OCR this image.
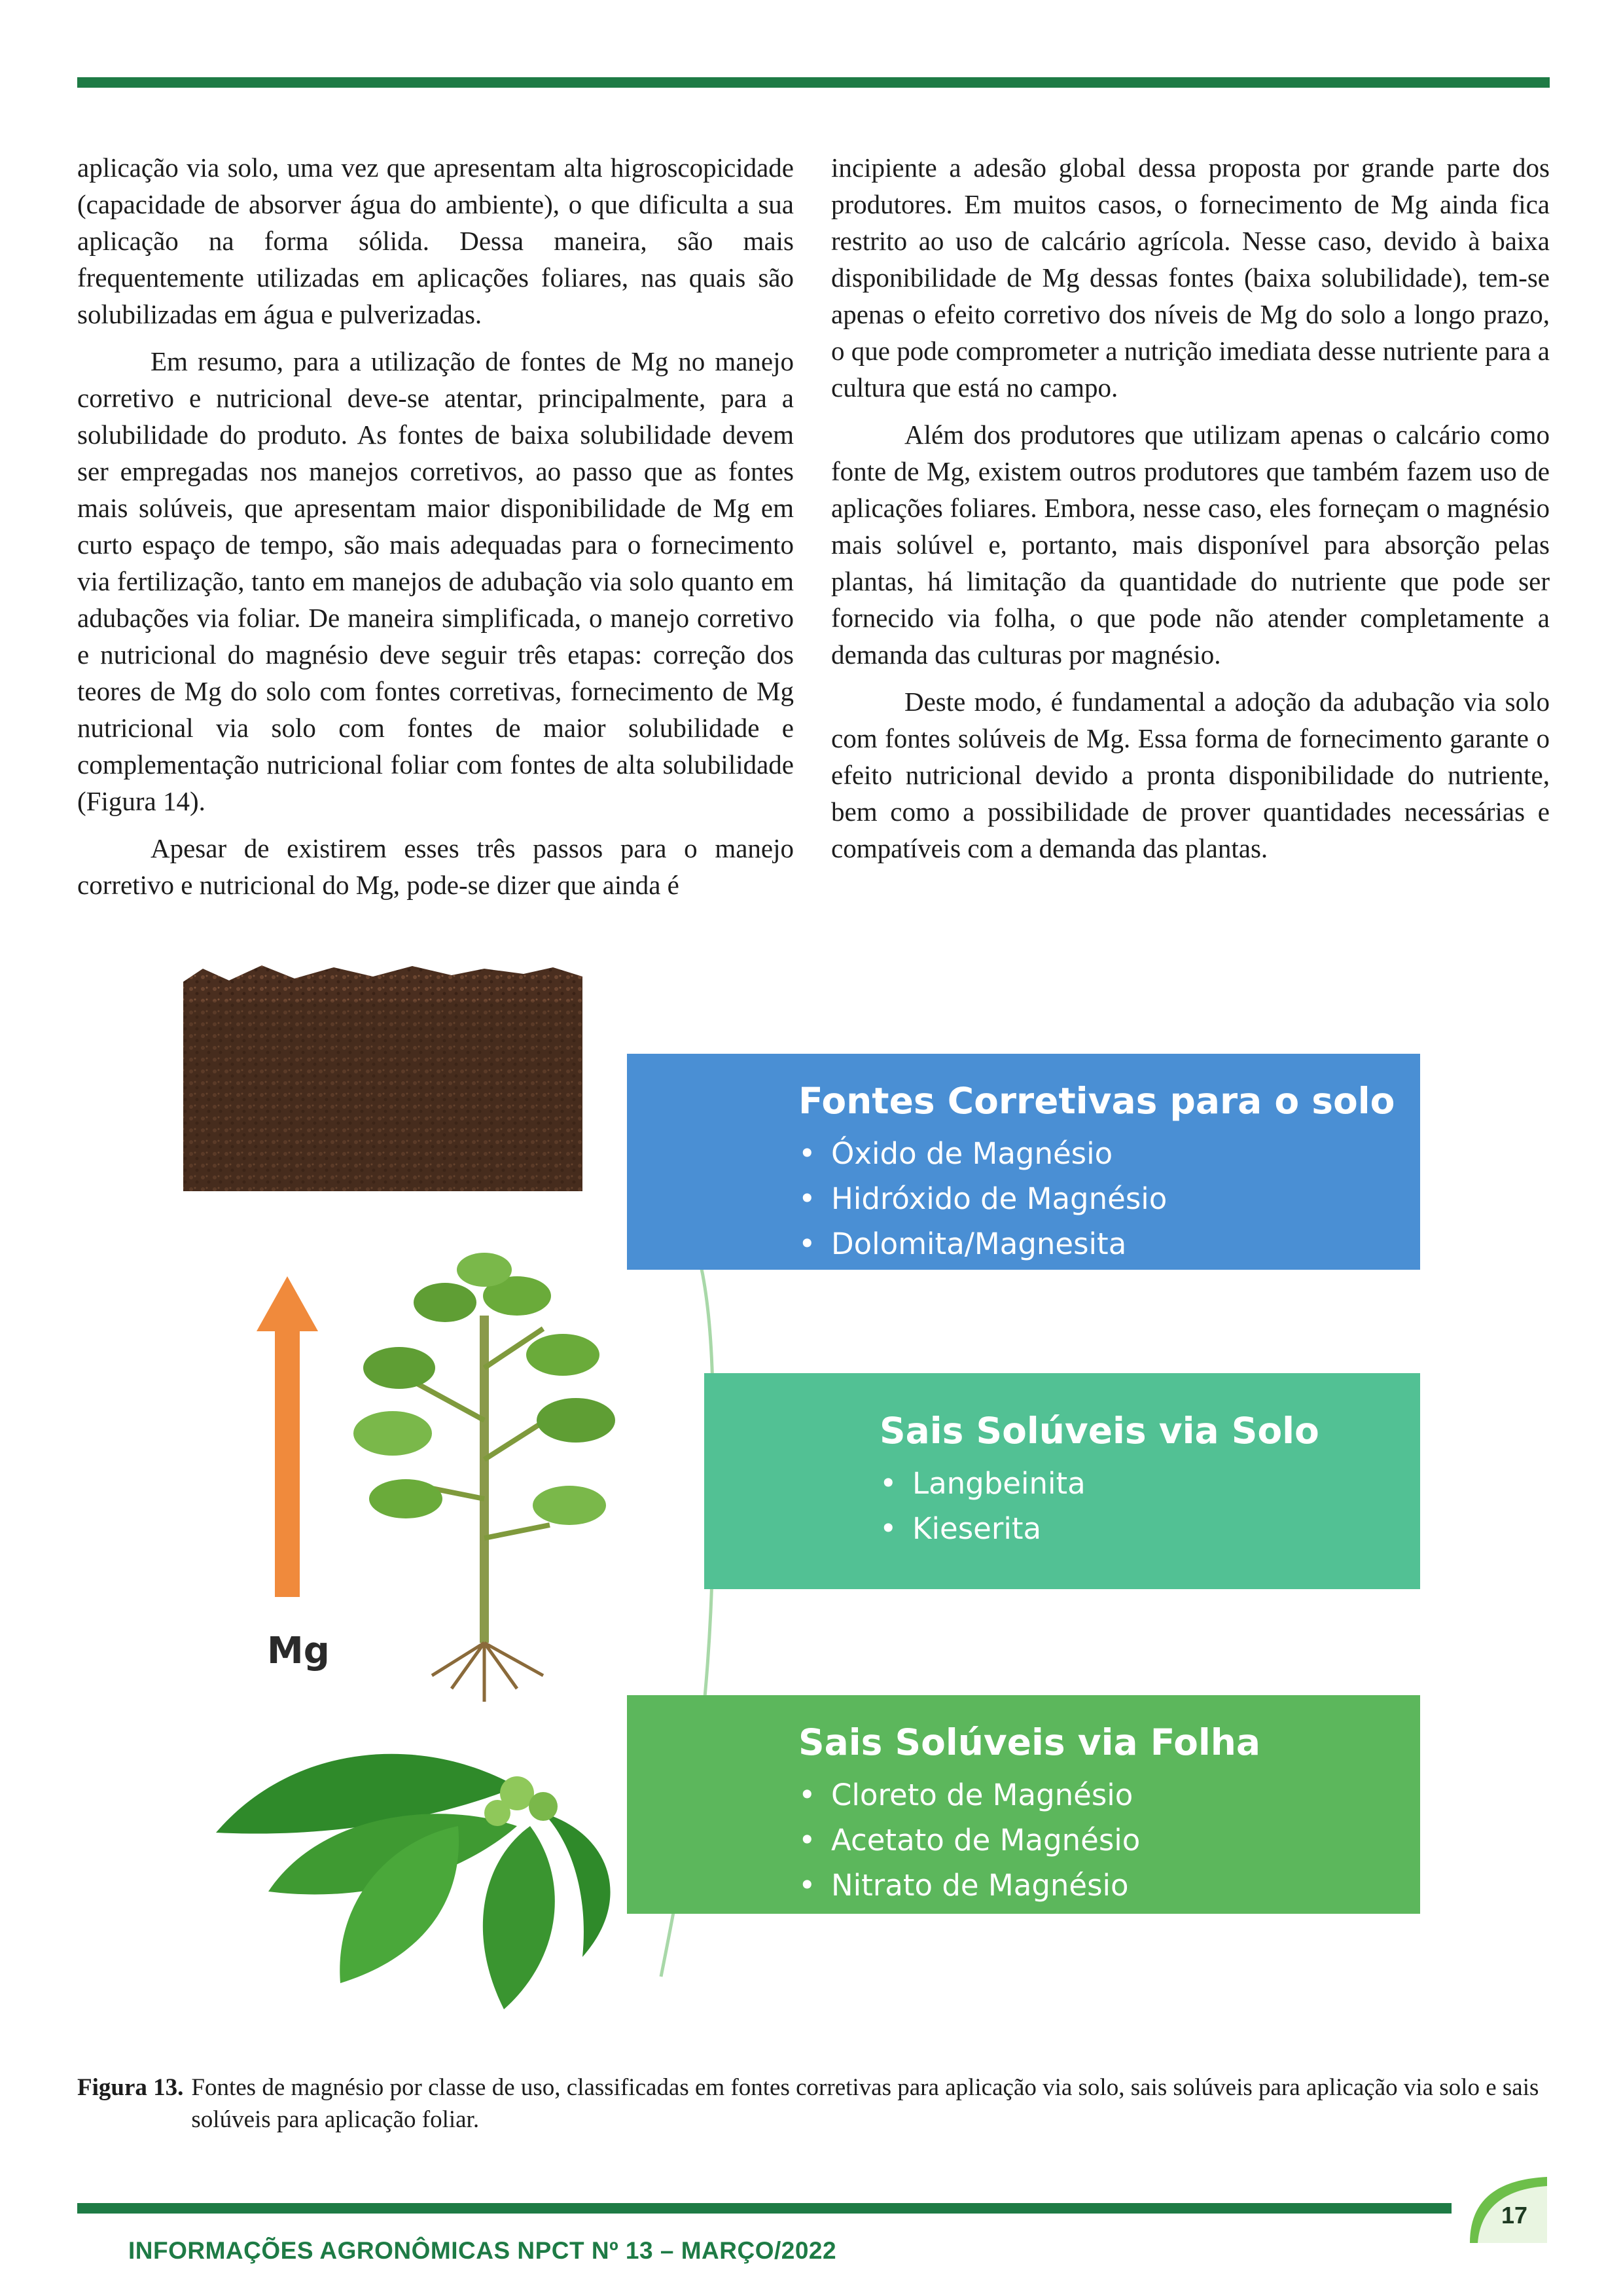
aplicação via solo, uma vez que apresentam alta higroscopicidade (capacidade de absorver água do ambiente), o que dificulta a sua aplicação na forma sólida. Dessa maneira, são mais frequentemente utilizadas em aplicações foliares, nas quais são solubilizadas em água e pulverizadas.

Em resumo, para a utilização de fontes de Mg no manejo corretivo e nutricional deve-se atentar, principalmente, para a solubilidade do produto. As fontes de baixa solubilidade devem ser empregadas nos manejos corretivos, ao passo que as fontes mais solúveis, que apresentam maior disponibilidade de Mg em curto espaço de tempo, são mais adequadas para o fornecimento via fertilização, tanto em manejos de adubação via solo quanto em adubações via foliar. De maneira simplificada, o manejo corretivo e nutricional do magnésio deve seguir três etapas: correção dos teores de Mg do solo com fontes corretivas, fornecimento de Mg nutricional via solo com fontes de maior solubilidade e complementação nutricional foliar com fontes de alta solubilidade (Figura 14).

Apesar de existirem esses três passos para o manejo corretivo e nutricional do Mg, pode-se dizer que ainda é

incipiente a adesão global dessa proposta por grande parte dos produtores. Em muitos casos, o fornecimento de Mg ainda fica restrito ao uso de calcário agrícola. Nesse caso, devido à baixa disponibilidade de Mg dessas fontes (baixa solubilidade), tem-se apenas o efeito corretivo dos níveis de Mg do solo a longo prazo, o que pode comprometer a nutrição imediata desse nutriente para a cultura que está no campo.

Além dos produtores que utilizam apenas o calcário como fonte de Mg, existem outros produtores que também fazem uso de aplicações foliares. Embora, nesse caso, eles forneçam o magnésio mais solúvel e, portanto, mais disponível para absorção pelas plantas, há limitação da quantidade do nutriente que pode ser fornecido via folha, o que pode não atender completamente a demanda das culturas por magnésio.

Deste modo, é fundamental a adoção da adubação via solo com fontes solúveis de Mg. Essa forma de fornecimento garante o efeito nutricional devido a pronta disponibilidade do nutriente, bem como a possibilidade de prover quantidades necessárias e compatíveis com a demanda das plantas.

Fontes Corretivas para o solo
• Óxido de Magnésio
• Hidróxido de Magnésio
• Dolomita/Magnesita
Sais Solúveis via Solo
• Langbeinita
• Kieserita
Sais Solúveis via Folha
• Cloreto de Magnésio
• Acetato de Magnésio
• Nitrato de Magnésio
Mg
Figura 13. Fontes de magnésio por classe de uso, classificadas em fontes corretivas para aplicação via solo, sais solúveis para aplicação via solo e sais solúveis para aplicação foliar.
17
INFORMAÇÕES AGRONÔMICAS NPCT Nº 13 – MARÇO/2022
